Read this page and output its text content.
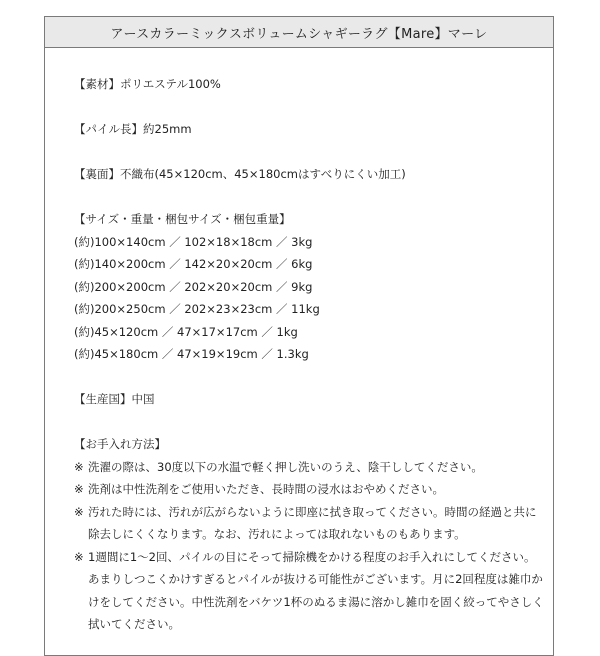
アースカラーミックスボリュームシャギーラグ【Mare】マーレ
【素材】ポリエステル100%
【パイル長】約25mm
【裏面】不織布(45×120cm、45×180cmはすべりにくい加工)
【サイズ・重量・梱包サイズ・梱包重量】
(約)100×140cm ／ 102×18×18cm ／ 3kg
(約)140×200cm ／ 142×20×20cm ／ 6kg
(約)200×200cm ／ 202×20×20cm ／ 9kg
(約)200×250cm ／ 202×23×23cm ／ 11kg
(約)45×120cm ／ 47×17×17cm ／ 1kg
(約)45×180cm ／ 47×19×19cm ／ 1.3kg
【生産国】中国
【お手入れ方法】
※ 洗濯の際は、30度以下の水温で軽く押し洗いのうえ、陰干ししてください。
※ 洗剤は中性洗剤をご使用いただき、長時間の浸水はおやめください。
※ 汚れた時には、汚れが広がらないように即座に拭き取ってください。時間の経過と共に除去しにくくなります。なお、汚れによっては取れないものもあります。
※ 1週間に1～2回、パイルの目にそって掃除機をかける程度のお手入れにしてください。あまりしつこくかけすぎるとパイルが抜ける可能性がございます。月に2回程度は雑巾かけをしてください。中性洗剤をバケツ1杯のぬるま湯に溶かし雑巾を固く絞ってやさしく拭いてください。
